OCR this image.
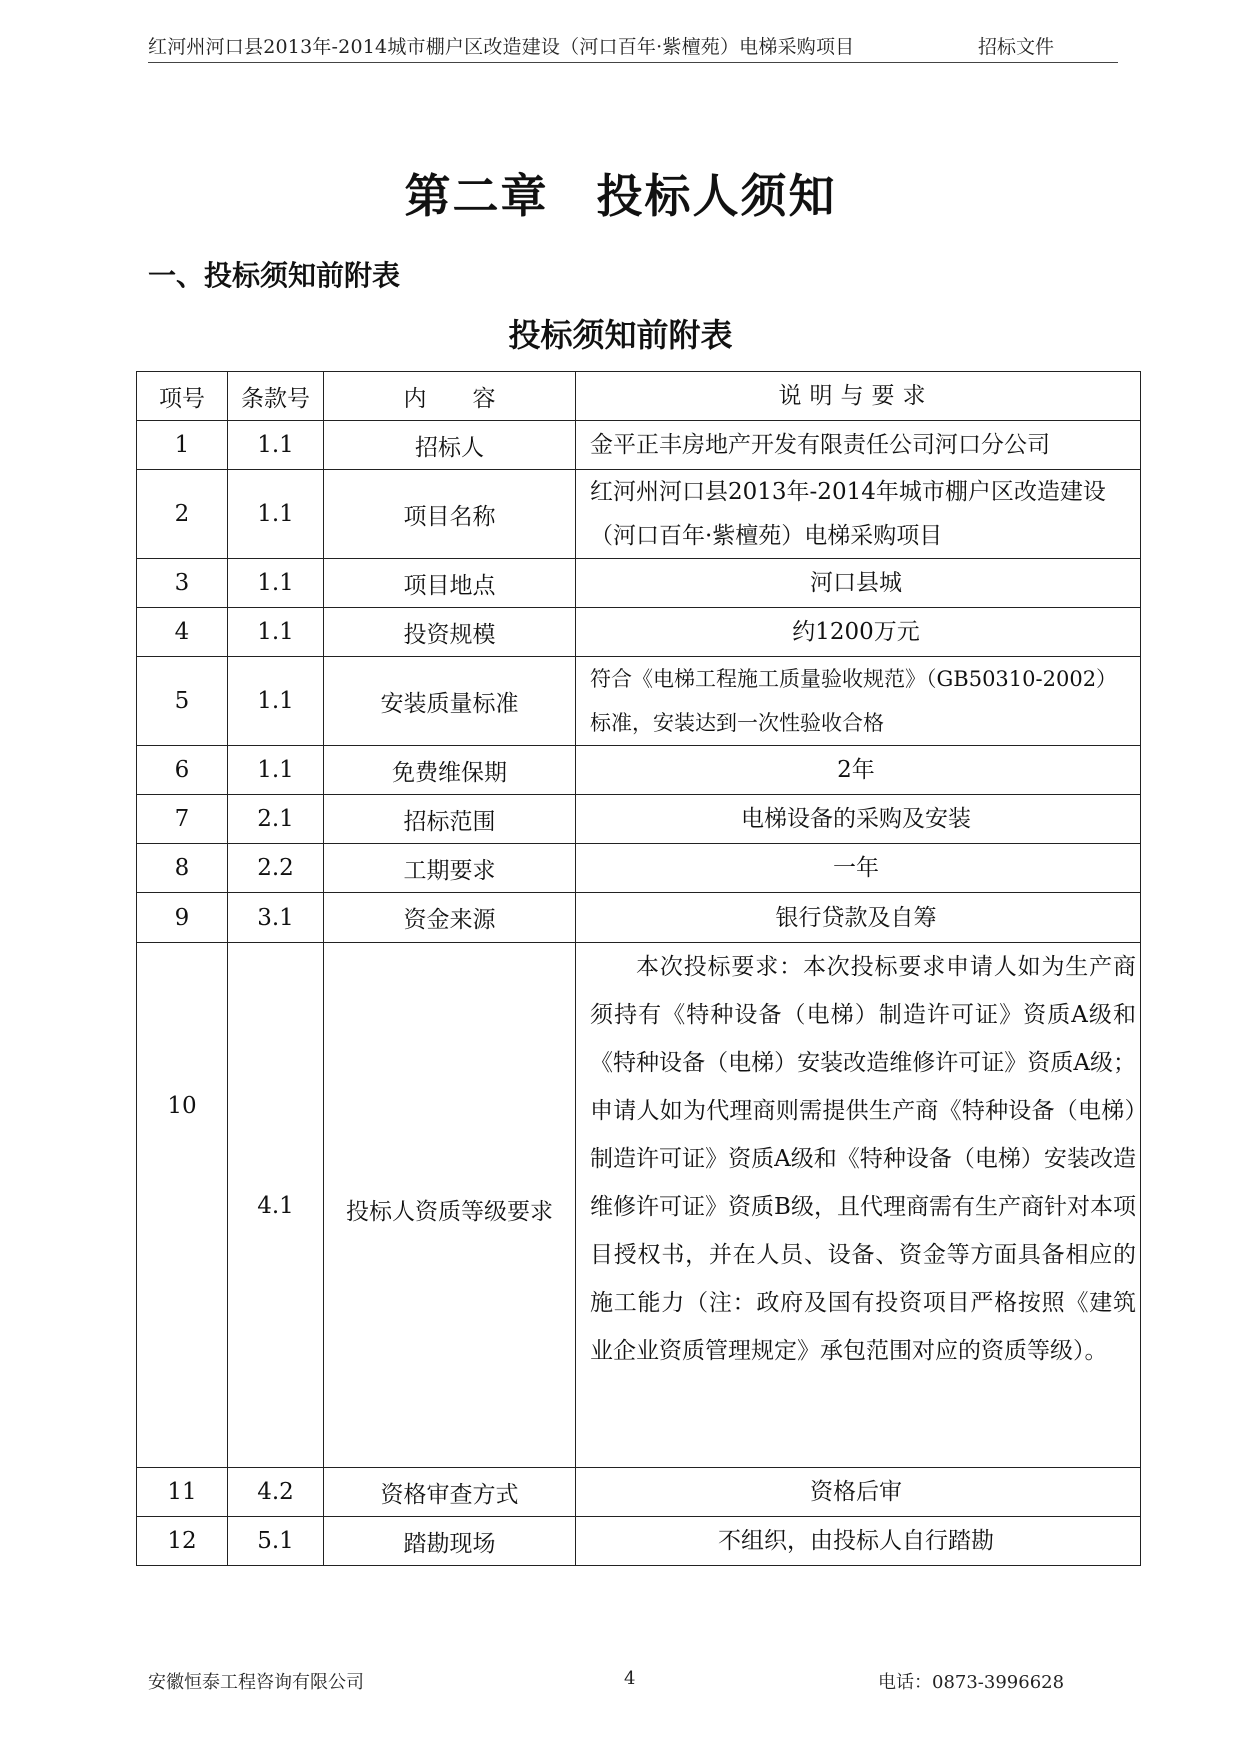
红河州河口县2013年-2014城市棚户区改造建设（河口百年·紫檀苑）电梯采购项目	招标文件
第二章 投标人须知
一、投标须知前附表
投标须知前附表
项号	条款号	内　　容	说明与要求
1	1.1	招标人	金平正丰房地产开发有限责任公司河口分公司
2	1.1	项目名称	红河州河口县2013年-2014年城市棚户区改造建设（河口百年·紫檀苑）电梯采购项目
3	1.1	项目地点	河口县城
4	1.1	投资规模	约1200万元
5	1.1	安装质量标准	符合《电梯工程施工质量验收规范》（GB50310-2002）标准，安装达到一次性验收合格
6	1.1	免费维保期	2年
7	2.1	招标范围	电梯设备的采购及安装
8	2.2	工期要求	一年
9	3.1	资金来源	银行贷款及自筹
10	4.1	投标人资质等级要求	本次投标要求：本次投标要求申请人如为生产商须持有《特种设备（电梯）制造许可证》资质A级和《特种设备（电梯）安装改造维修许可证》资质A级；申请人如为代理商则需提供生产商《特种设备（电梯）制造许可证》资质A级和《特种设备（电梯）安装改造维修许可证》资质B级，且代理商需有生产商针对本项目授权书，并在人员、设备、资金等方面具备相应的施工能力（注：政府及国有投资项目严格按照《建筑业企业资质管理规定》承包范围对应的资质等级）。
11	4.2	资格审查方式	资格后审
12	5.1	踏勘现场	不组织，由投标人自行踏勘
安徽恒泰工程咨询有限公司	4	电话：0873-3996628
